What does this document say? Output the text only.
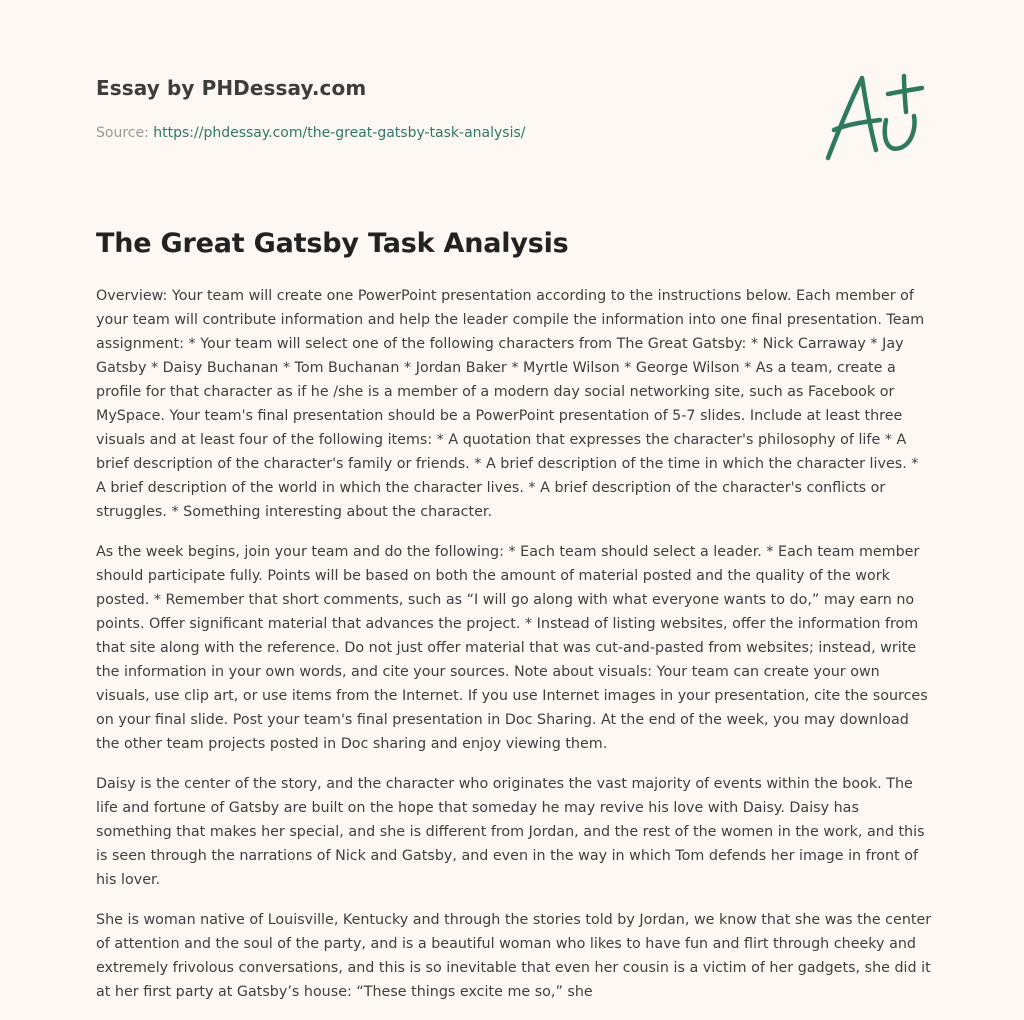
Essay by PHDessay.com
Source: https://phdessay.com/the-great-gatsby-task-analysis/
The Great Gatsby Task Analysis

Overview: Your team will create one PowerPoint presentation according to the instructions below. Each member of your team will contribute information and help the leader compile the information into one final presentation. Team assignment: * Your team will select one of the following characters from The Great Gatsby: * Nick Carraway * Jay Gatsby * Daisy Buchanan * Tom Buchanan * Jordan Baker * Myrtle Wilson * George Wilson * As a team, create a profile for that character as if he /she is a member of a modern day social networking site, such as Facebook or MySpace. Your team's final presentation should be a PowerPoint presentation of 5-7 slides. Include at least three visuals and at least four of the following items: * A quotation that expresses the character's philosophy of life * A brief description of the character's family or friends. * A brief description of the time in which the character lives. * A brief description of the world in which the character lives. * A brief description of the character's conflicts or struggles. * Something interesting about the character.

As the week begins, join your team and do the following: * Each team should select a leader. * Each team member should participate fully. Points will be based on both the amount of material posted and the quality of the work posted. * Remember that short comments, such as “I will go along with what everyone wants to do,” may earn no points. Offer significant material that advances the project. * Instead of listing websites, offer the information from that site along with the reference. Do not just offer material that was cut-and-pasted from websites; instead, write the information in your own words, and cite your sources. Note about visuals: Your team can create your own visuals, use clip art, or use items from the Internet. If you use Internet images in your presentation, cite the sources on your final slide. Post your team's final presentation in Doc Sharing. At the end of the week, you may download the other team projects posted in Doc sharing and enjoy viewing them.

Daisy is the center of the story, and the character who originates the vast majority of events within the book. The life and fortune of Gatsby are built on the hope that someday he may revive his love with Daisy. Daisy has something that makes her special, and she is different from Jordan, and the rest of the women in the work, and this is seen through the narrations of Nick and Gatsby, and even in the way in which Tom defends her image in front of his lover.

She is woman native of Louisville, Kentucky and through the stories told by Jordan, we know that she was the center of attention and the soul of the party, and is a beautiful woman who likes to have fun and flirt through cheeky and extremely frivolous conversations, and this is so inevitable that even her cousin is a victim of her gadgets, she did it at her first party at Gatsby’s house: “These things excite me so,” she
